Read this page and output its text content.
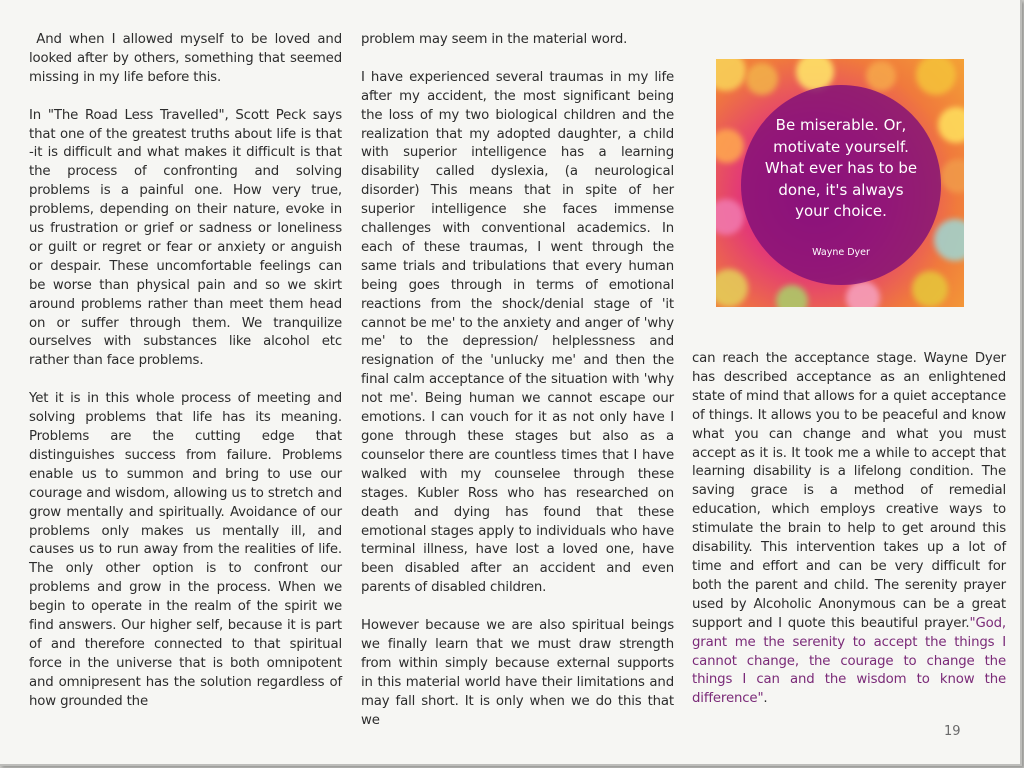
And when I allowed myself to be loved and looked after by others, something that seemed missing in my life before this.

In "The Road Less Travelled", Scott Peck says that one of the greatest truths about life is that -it is difficult and what makes it difficult is that the process of confronting and solving problems is a painful one. How very true, problems, depending on their nature, evoke in us frustration or grief or sadness or loneliness or guilt or regret or fear or anxiety or anguish or despair. These uncomfortable feelings can be worse than physical pain and so we skirt around problems rather than meet them head on or suffer through them. We tranquilize ourselves with substances like alcohol etc rather than face problems.

Yet it is in this whole process of meeting and solving problems that life has its meaning. Problems are the cutting edge that distinguishes success from failure. Problems enable us to summon and bring to use our courage and wisdom, allowing us to stretch and grow mentally and spiritually. Avoidance of our problems only makes us mentally ill, and causes us to run away from the realities of life. The only other option is to confront our problems and grow in the process. When we begin to operate in the realm of the spirit we find answers. Our higher self, because it is part of and therefore connected to that spiritual force in the universe that is both omnipotent and omnipresent has the solution regardless of how grounded the

problem may seem in the material word.

I have experienced several traumas in my life after my accident, the most significant being the loss of my two biological children and the realization that my adopted daughter, a child with superior intelligence has a learning disability called dyslexia, (a neurological disorder) This means that in spite of her superior intelligence she faces immense challenges with conventional academics. In each of these traumas, I went through the same trials and tribulations that every human being goes through in terms of emotional reactions from the shock/denial stage of 'it cannot be me' to the anxiety and anger of 'why me' to the depression/ helplessness and resignation of the 'unlucky me' and then the final calm acceptance of the situation with 'why not me'. Being human we cannot escape our emotions. I can vouch for it as not only have I gone through these stages but also as a counselor there are countless times that I have walked with my counselee through these stages. Kubler Ross who has researched on death and dying has found that these emotional stages apply to individuals who have terminal illness, have lost a loved one, have been disabled after an accident and even parents of disabled children.

However because we are also spiritual beings we finally learn that we must draw strength from within simply because external supports in this material world have their limitations and may fall short. It is only when we do this that we

Be miserable. Or, motivate yourself. What ever has to be done, it's always your choice.
Wayne Dyer

can reach the acceptance stage. Wayne Dyer has described acceptance as an enlightened state of mind that allows for a quiet acceptance of things. It allows you to be peaceful and know what you can change and what you must accept as it is. It took me a while to accept that learning disability is a lifelong condition. The saving grace is a method of remedial education, which employs creative ways to stimulate the brain to help to get around this disability. This intervention takes up a lot of time and effort and can be very difficult for both the parent and child. The serenity prayer used by Alcoholic Anonymous can be a great support and I quote this beautiful prayer."God, grant me the serenity to accept the things I cannot change, the courage to change the things I can and the wisdom to know the difference".

19
